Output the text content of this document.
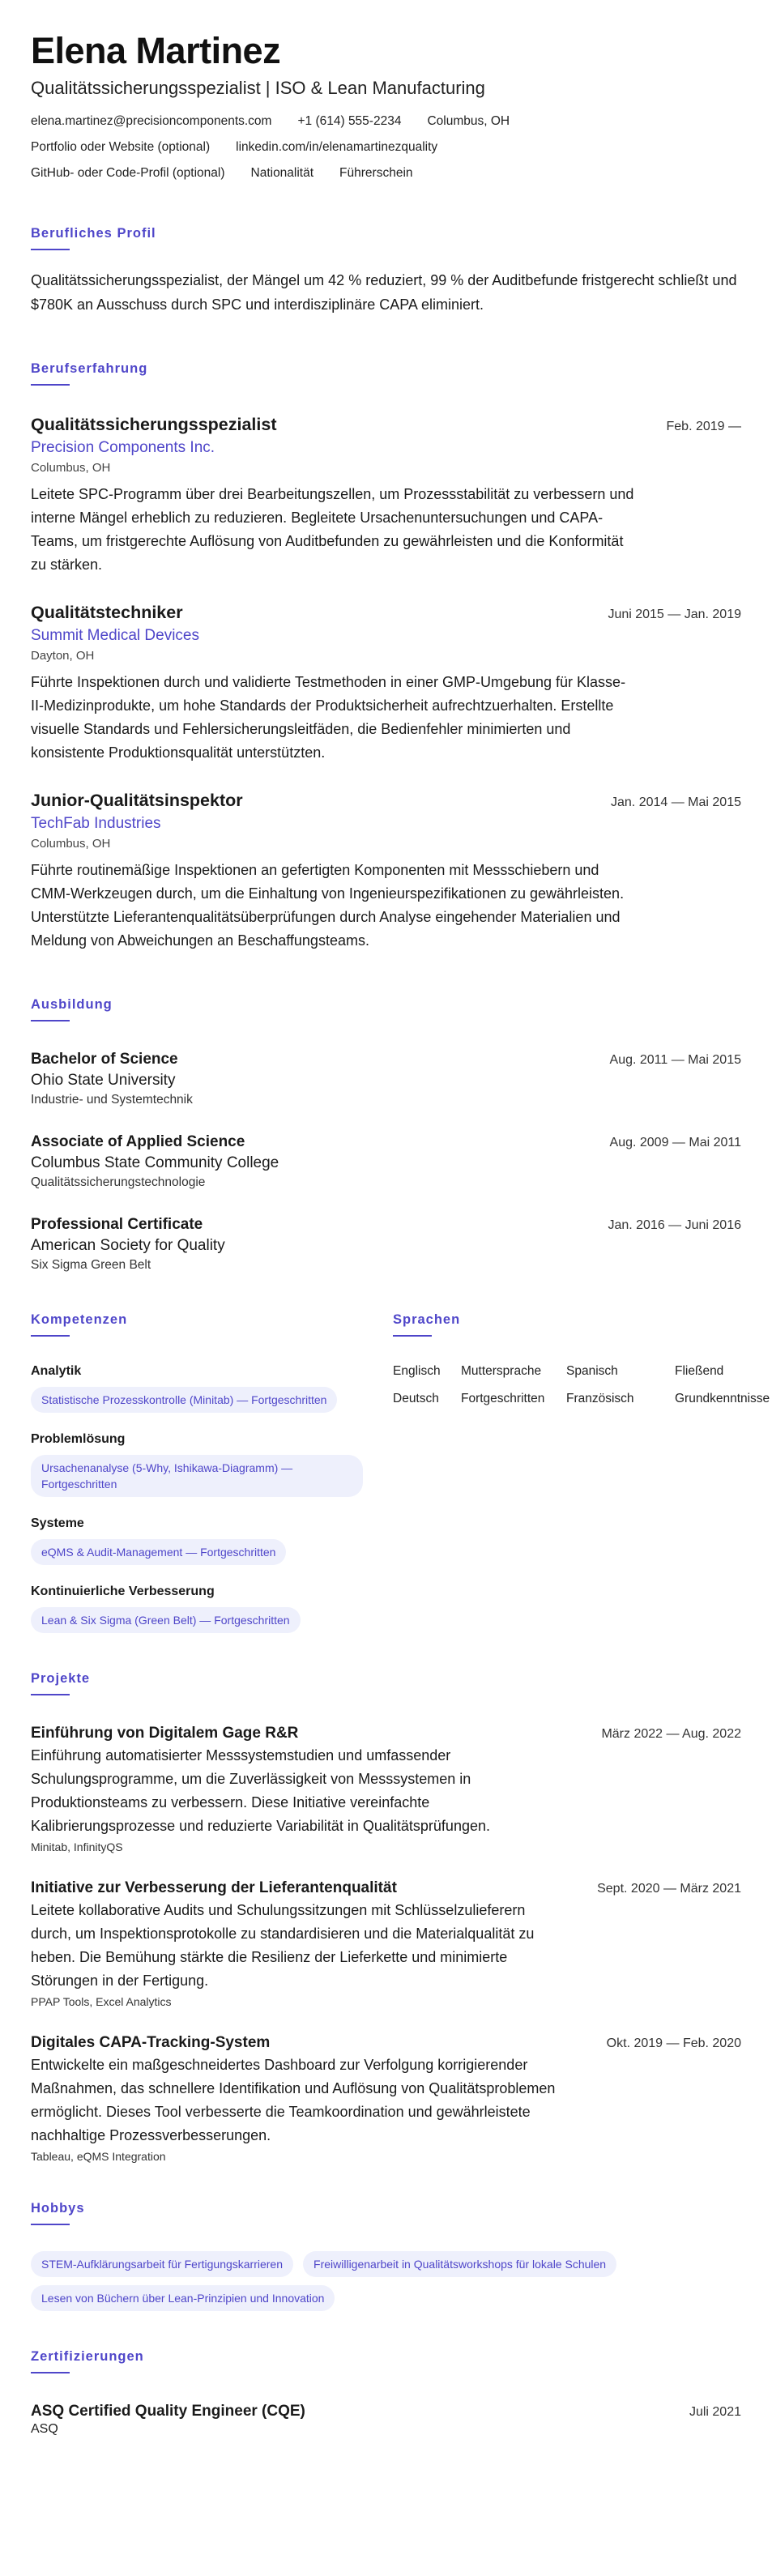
Elena Martinez
Qualitätssicherungsspezialist | ISO & Lean Manufacturing
elena.martinez@precisioncomponents.com +1 (614) 555-2234 Columbus, OH
Portfolio oder Website (optional) linkedin.com/in/elenamartinezquality
GitHub- oder Code-Profil (optional) Nationalität Führerschein
Berufliches Profil
Qualitätssicherungsspezialist, der Mängel um 42 % reduziert, 99 % der Auditbefunde fristgerecht schließt und $780K an Ausschuss durch SPC und interdisziplinäre CAPA eliminiert.
Berufserfahrung
Qualitätssicherungsspezialist	Feb. 2019 —
Precision Components Inc.
Columbus, OH
Leitete SPC-Programm über drei Bearbeitungszellen, um Prozessstabilität zu verbessern und interne Mängel erheblich zu reduzieren. Begleitete Ursachenuntersuchungen und CAPA-Teams, um fristgerechte Auflösung von Auditbefunden zu gewährleisten und die Konformität zu stärken.
Qualitätstechniker	Juni 2015 — Jan. 2019
Summit Medical Devices
Dayton, OH
Führte Inspektionen durch und validierte Testmethoden in einer GMP-Umgebung für Klasse-II-Medizinprodukte, um hohe Standards der Produktsicherheit aufrechtzuerhalten. Erstellte visuelle Standards und Fehlersicherungsleitfäden, die Bedienfehler minimierten und konsistente Produktionsqualität unterstützten.
Junior-Qualitätsinspektor	Jan. 2014 — Mai 2015
TechFab Industries
Columbus, OH
Führte routinemäßige Inspektionen an gefertigten Komponenten mit Messschiebern und CMM-Werkzeugen durch, um die Einhaltung von Ingenieurspezifikationen zu gewährleisten. Unterstützte Lieferantenqualitätsüberprüfungen durch Analyse eingehender Materialien und Meldung von Abweichungen an Beschaffungsteams.
Ausbildung
Bachelor of Science	Aug. 2011 — Mai 2015
Ohio State University
Industrie- und Systemtechnik
Associate of Applied Science	Aug. 2009 — Mai 2011
Columbus State Community College
Qualitätssicherungstechnologie
Professional Certificate	Jan. 2016 — Juni 2016
American Society for Quality
Six Sigma Green Belt
Kompetenzen
Analytik
Statistische Prozesskontrolle (Minitab) — Fortgeschritten
Problemlösung
Ursachenanalyse (5-Why, Ishikawa-Diagramm) — Fortgeschritten
Systeme
eQMS & Audit-Management — Fortgeschritten
Kontinuierliche Verbesserung
Lean & Six Sigma (Green Belt) — Fortgeschritten
Sprachen
Englisch	Muttersprache	Spanisch	Fließend
Deutsch	Fortgeschritten	Französisch	Grundkenntnisse
Projekte
Einführung von Digitalem Gage R&R	März 2022 — Aug. 2022
Einführung automatisierter Messsystemstudien und umfassender Schulungsprogramme, um die Zuverlässigkeit von Messsystemen in Produktionsteams zu verbessern. Diese Initiative vereinfachte Kalibrierungsprozesse und reduzierte Variabilität in Qualitätsprüfungen.
Minitab, InfinityQS
Initiative zur Verbesserung der Lieferantenqualität	Sept. 2020 — März 2021
Leitete kollaborative Audits und Schulungssitzungen mit Schlüsselzulieferern durch, um Inspektionsprotokolle zu standardisieren und die Materialqualität zu heben. Die Bemühung stärkte die Resilienz der Lieferkette und minimierte Störungen in der Fertigung.
PPAP Tools, Excel Analytics
Digitales CAPA-Tracking-System	Okt. 2019 — Feb. 2020
Entwickelte ein maßgeschneidertes Dashboard zur Verfolgung korrigierender Maßnahmen, das schnellere Identifikation und Auflösung von Qualitätsproblemen ermöglicht. Dieses Tool verbesserte die Teamkoordination und gewährleistete nachhaltige Prozessverbesserungen.
Tableau, eQMS Integration
Hobbys
STEM-Aufklärungsarbeit für Fertigungskarrieren	Freiwilligenarbeit in Qualitätsworkshops für lokale Schulen
Lesen von Büchern über Lean-Prinzipien und Innovation
Zertifizierungen
ASQ Certified Quality Engineer (CQE)	Juli 2021
ASQ
